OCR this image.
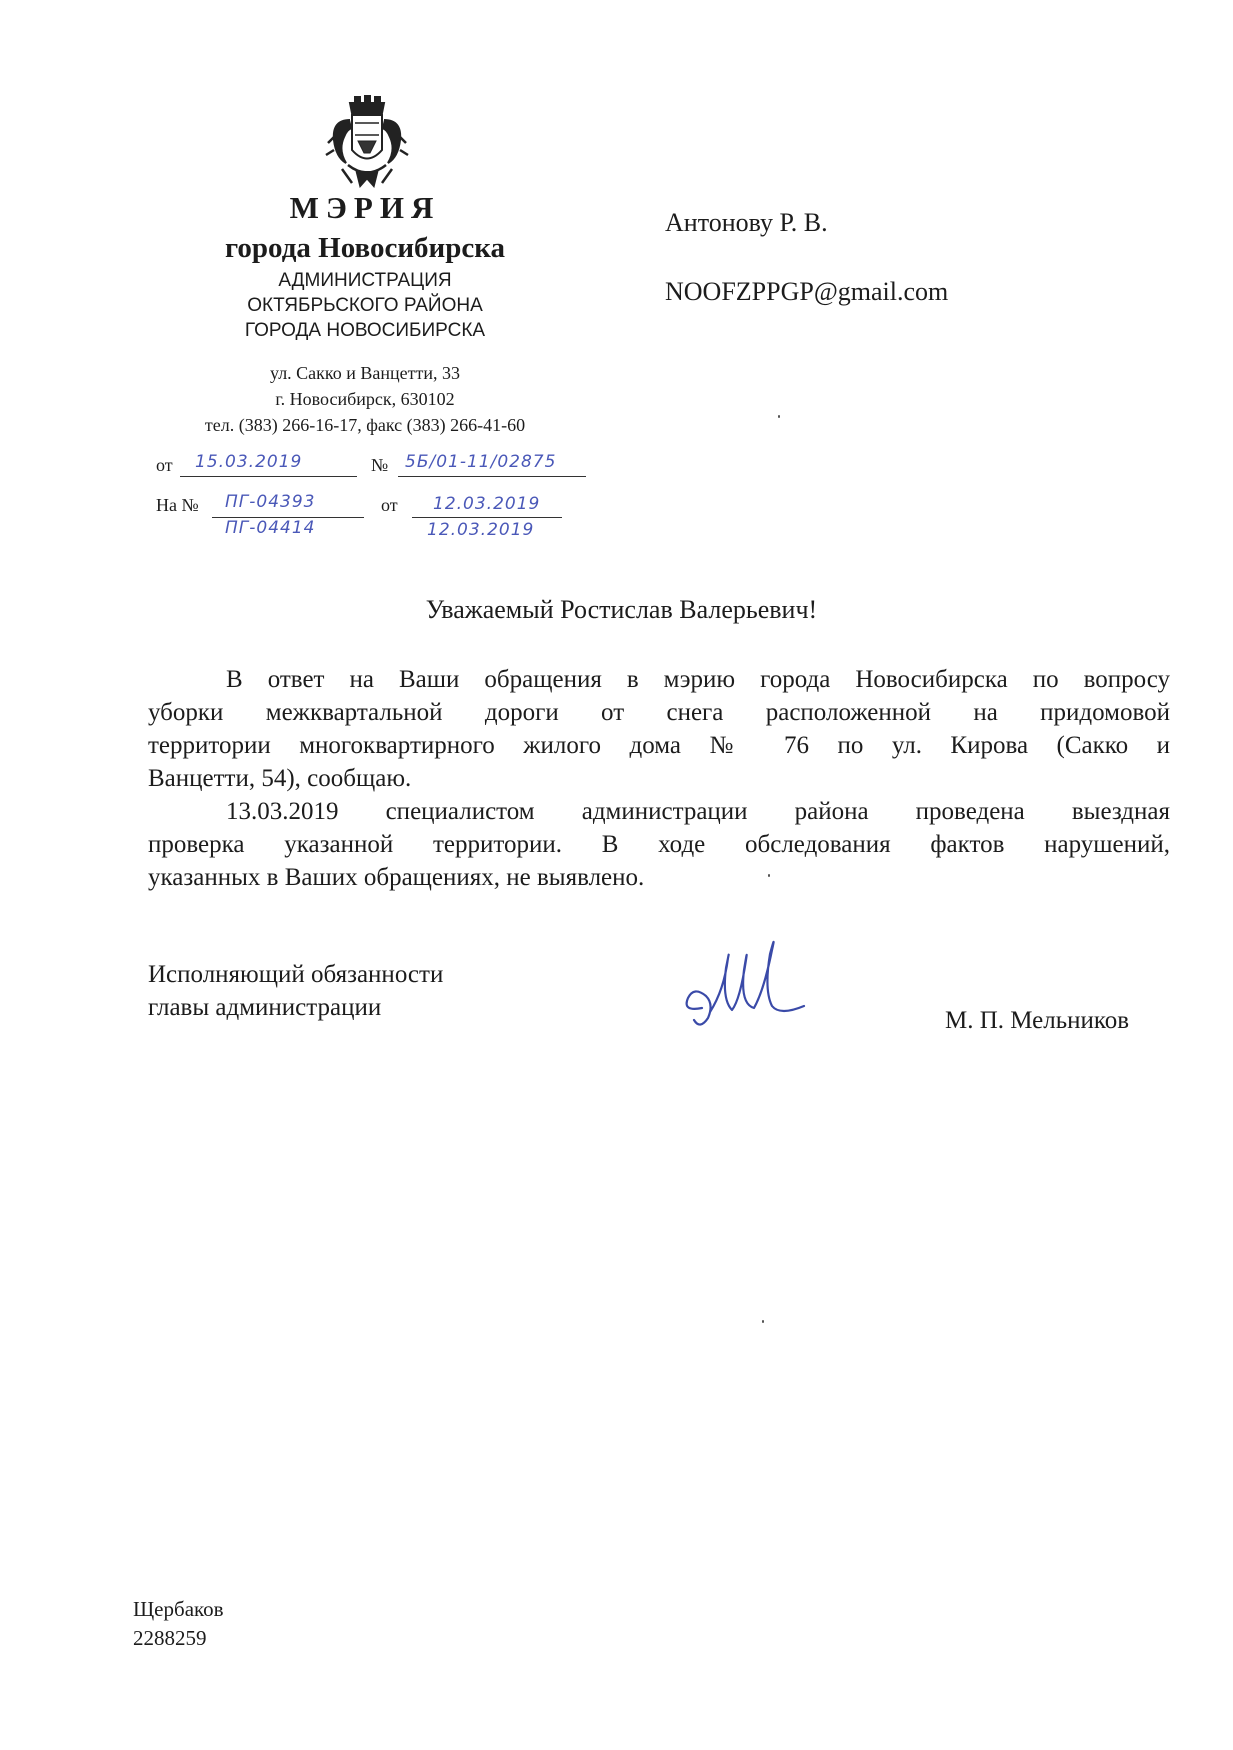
МЭРИЯ
города Новосибирска
АДМИНИСТРАЦИЯ
ОКТЯБРЬСКОГО РАЙОНА
ГОРОДА НОВОСИБИРСКА
ул. Сакко и Ванцетти, 33
г. Новосибирск, 630102
тел. (383) 266-16-17, факс (383) 266-41-60
от 15.03.2019	№ 5Б/01-11/02875
На № ПГ-04393
ПГ-04414
от 12.03.2019
12.03.2019
Антонову Р. В.
NOOFZPPGP@gmail.com
Уважаемый Ростислав Валерьевич!
В ответ на Ваши обращения в мэрию города Новосибирска по вопросу
уборки межквартальной дороги от снега расположенной на придомовой
территории многоквартирного жилого дома № 76 по ул. Кирова (Сакко и
Ванцетти, 54), сообщаю.
13.03.2019 специалистом администрации района проведена выездная
проверка указанной территории. В ходе обследования фактов нарушений,
указанных в Ваших обращениях, не выявлено.
Исполняющий обязанности
главы администрации	М. П. Мельников
Щербаков
2288259
